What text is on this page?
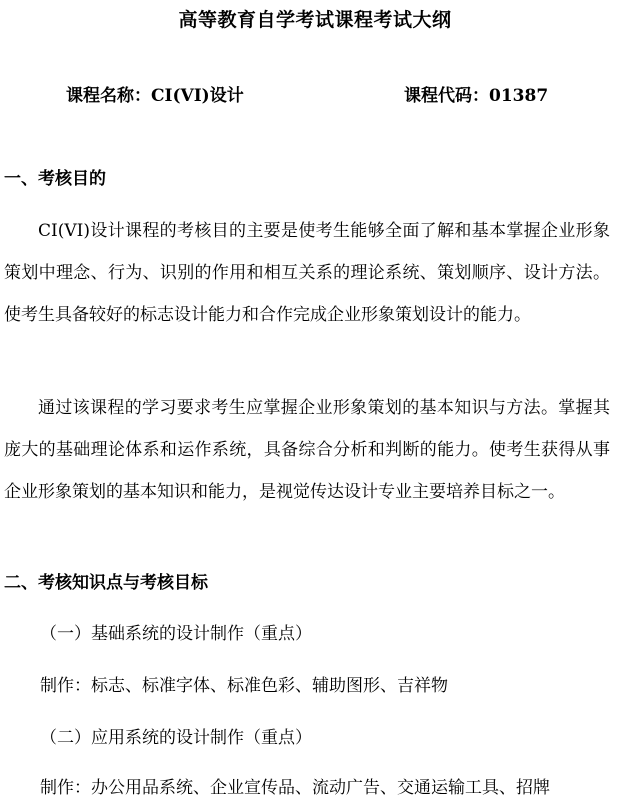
高等教育自学考试课程考试大纲
课程名称：CI(VI)设计	课程代码：01387
一、考核目的

CI(VI)设计课程的考核目的主要是使考生能够全面了解和基本掌握企业形象策划中理念、行为、识别的作用和相互关系的理论系统、策划顺序、设计方法。使考生具备较好的标志设计能力和合作完成企业形象策划设计的能力。

通过该课程的学习要求考生应掌握企业形象策划的基本知识与方法。掌握其庞大的基础理论体系和运作系统，具备综合分析和判断的能力。使考生获得从事企业形象策划的基本知识和能力，是视觉传达设计专业主要培养目标之一。

二、考核知识点与考核目标
（一）基础系统的设计制作（重点）
制作：标志、标准字体、标准色彩、辅助图形、吉祥物
（二）应用系统的设计制作（重点）
制作：办公用品系统、企业宣传品、流动广告、交通运输工具、招牌
